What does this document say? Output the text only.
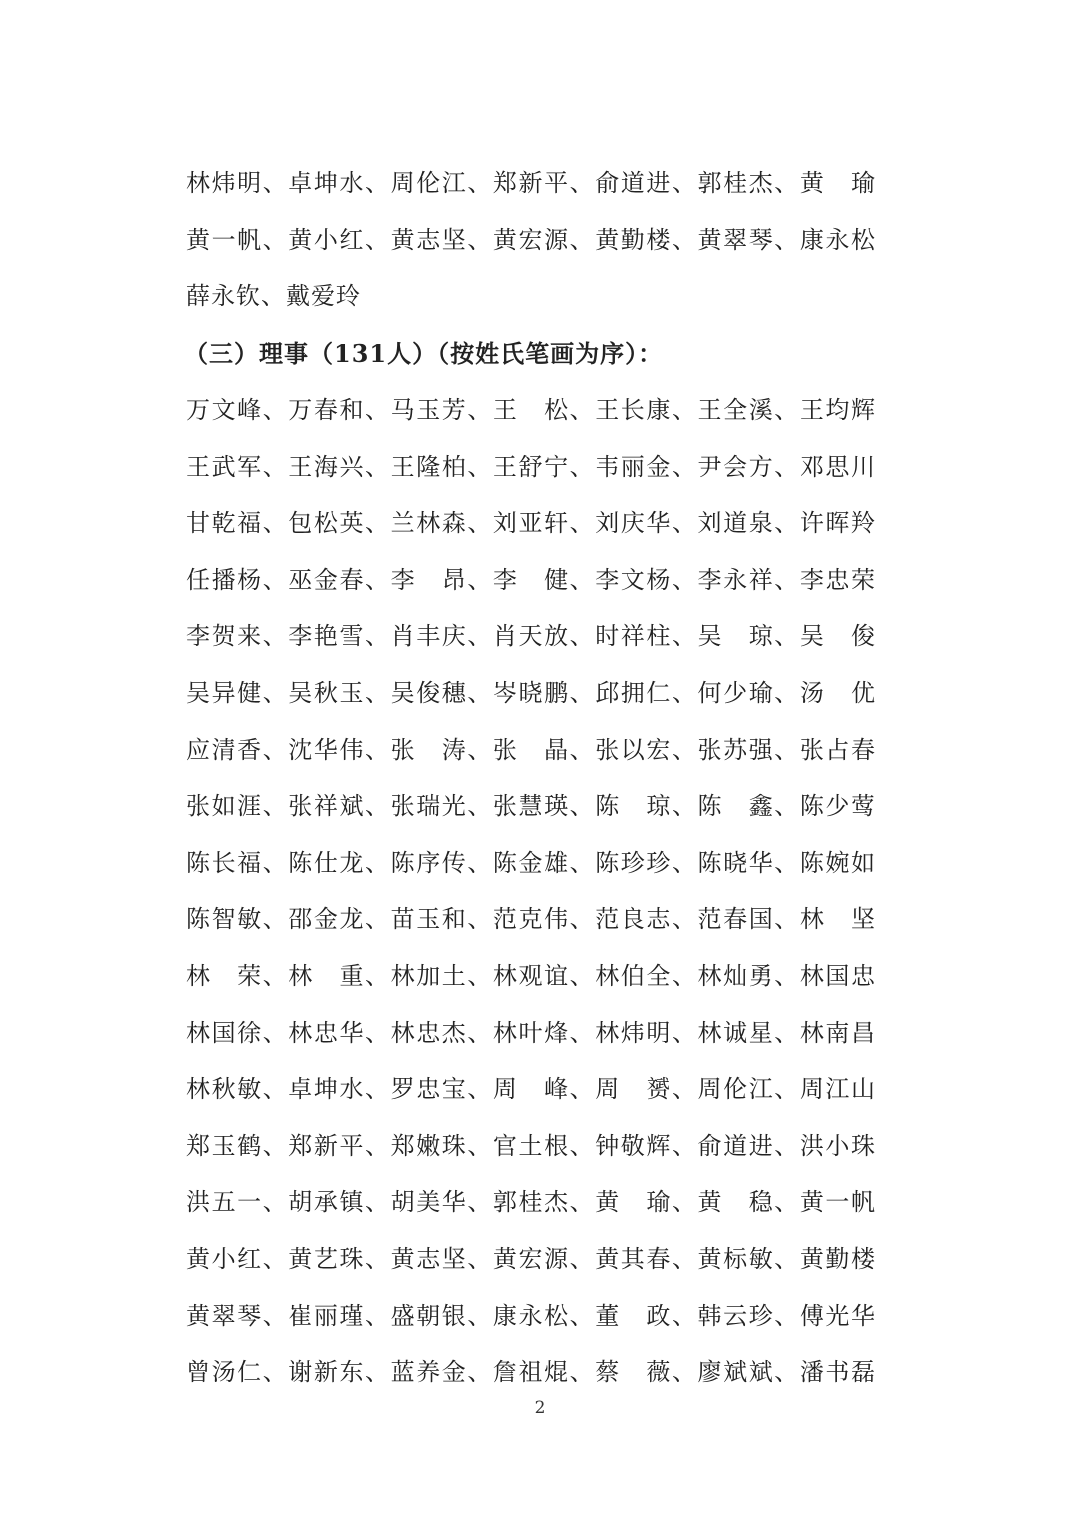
林炜明、卓坤水、周伦江、郑新平、俞道进、郭桂杰、黄　瑜
黄一帆、黄小红、黄志坚、黄宏源、黄勤楼、黄翠琴、康永松
薛永钦、戴爱玲
（三）理事（131人）（按姓氏笔画为序）：
万文峰、万春和、马玉芳、王　松、王长康、王全溪、王均辉
王武军、王海兴、王隆柏、王舒宁、韦丽金、尹会方、邓思川
甘乾福、包松英、兰林森、刘亚轩、刘庆华、刘道泉、许晖羚
任播杨、巫金春、李　昂、李　健、李文杨、李永祥、李忠荣
李贺来、李艳雪、肖丰庆、肖天放、时祥柱、吴　琼、吴　俊
吴异健、吴秋玉、吴俊穗、岑晓鹏、邱拥仁、何少瑜、汤　优
应清香、沈华伟、张　涛、张　晶、张以宏、张苏强、张占春
张如涯、张祥斌、张瑞光、张慧瑛、陈　琼、陈　鑫、陈少莺
陈长福、陈仕龙、陈序传、陈金雄、陈珍珍、陈晓华、陈婉如
陈智敏、邵金龙、苗玉和、范克伟、范良志、范春国、林　坚
林　荣、林　重、林加土、林观谊、林伯全、林灿勇、林国忠
林国徐、林忠华、林忠杰、林叶烽、林炜明、林诚星、林南昌
林秋敏、卓坤水、罗忠宝、周　峰、周　赟、周伦江、周江山
郑玉鹤、郑新平、郑嫩珠、官土根、钟敬辉、俞道进、洪小珠
洪五一、胡承镇、胡美华、郭桂杰、黄　瑜、黄　稳、黄一帆
黄小红、黄艺珠、黄志坚、黄宏源、黄其春、黄标敏、黄勤楼
黄翠琴、崔丽瑾、盛朝银、康永松、董　政、韩云珍、傅光华
曾汤仁、谢新东、蓝养金、詹祖焜、蔡　薇、廖斌斌、潘书磊
2
